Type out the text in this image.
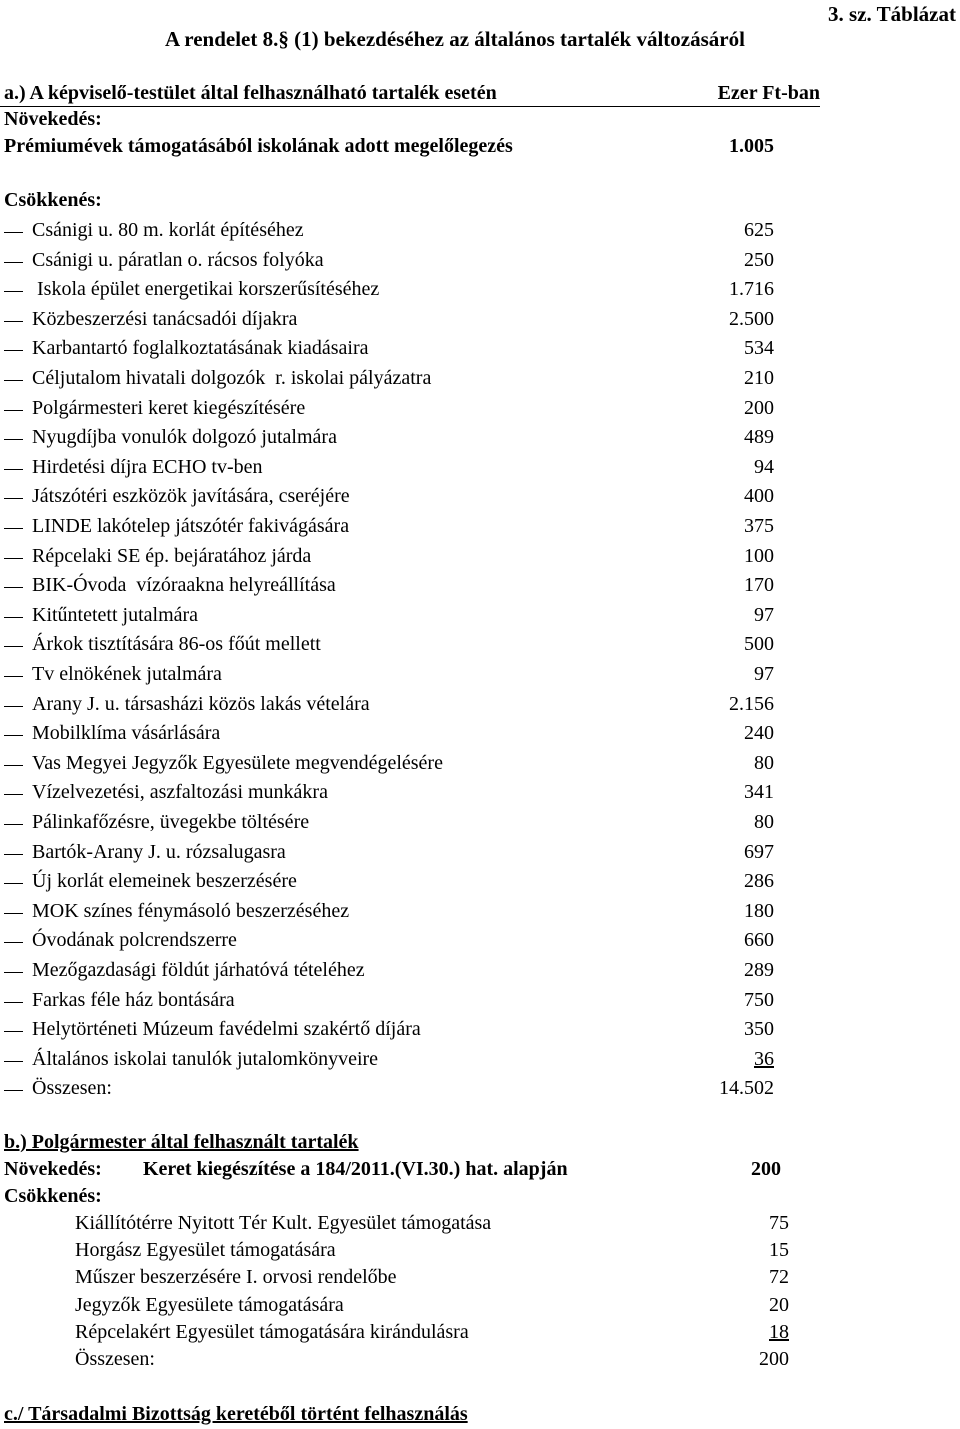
3. sz. Táblázat
A rendelet 8.§ (1) bekezdéséhez az általános tartalék változásáról
a.) A képviselő-testület által felhasználható tartalék esetén	Ezer Ft-ban
Növekedés:
Prémiumévek támogatásából iskolának adott megelőlegezés	1.005
Csökkenés:
Csánigi u. 80 m. korlát építéséhez	625
Csánigi u. páratlan o. rácsos folyóka	250
Iskola épület energetikai korszerűsítéséhez	1.716
Közbeszerzési tanácsadói díjakra	2.500
Karbantartó foglalkoztatásának kiadásaira	534
Céljutalom hivatali dolgozók  r. iskolai pályázatra	210
Polgármesteri keret kiegészítésére	200
Nyugdíjba vonulók dolgozó jutalmára	489
Hirdetési díjra ECHO tv-ben	94
Játszótéri eszközök javítására, cseréjére	400
LINDE lakótelep játszótér fakivágására	375
Répcelaki SE ép. bejáratához járda	100
BIK-Óvoda  vízóraakna helyreállítása	170
Kitűntetett jutalmára	97
Árkok tisztítására 86-os főút mellett	500
Tv elnökének jutalmára	97
Arany J. u. társasházi közös lakás vételára	2.156
Mobilklíma vásárlására	240
Vas Megyei Jegyzők Egyesülete megvendégelésére	80
Vízelvezetési, aszfaltozási munkákra	341
Pálinkafőzésre, üvegekbe töltésére	80
Bartók-Arany J. u. rózsalugasra	697
Új korlát elemeinek beszerzésére	286
MOK színes fénymásoló beszerzéséhez	180
Óvodának polcrendszerre	660
Mezőgazdasági földút járhatóvá tételéhez	289
Farkas féle ház bontására	750
Helytörténeti Múzeum favédelmi szakértő díjára	350
Általános iskolai tanulók jutalomkönyveire	36
Összesen:	14.502
b.) Polgármester által felhasznált tartalék
Növekedés: Keret kiegészítése a 184/2011.(VI.30.) hat. alapján	200
Csökkenés:
Kiállítótérre Nyitott Tér Kult. Egyesület támogatása	75
Horgász Egyesület támogatására	15
Műszer beszerzésére I. orvosi rendelőbe	72
Jegyzők Egyesülete támogatására	20
Répcelakért Egyesület támogatására kirándulásra	18
Összesen:	200
c./ Társadalmi Bizottság keretéből történt felhasználás
